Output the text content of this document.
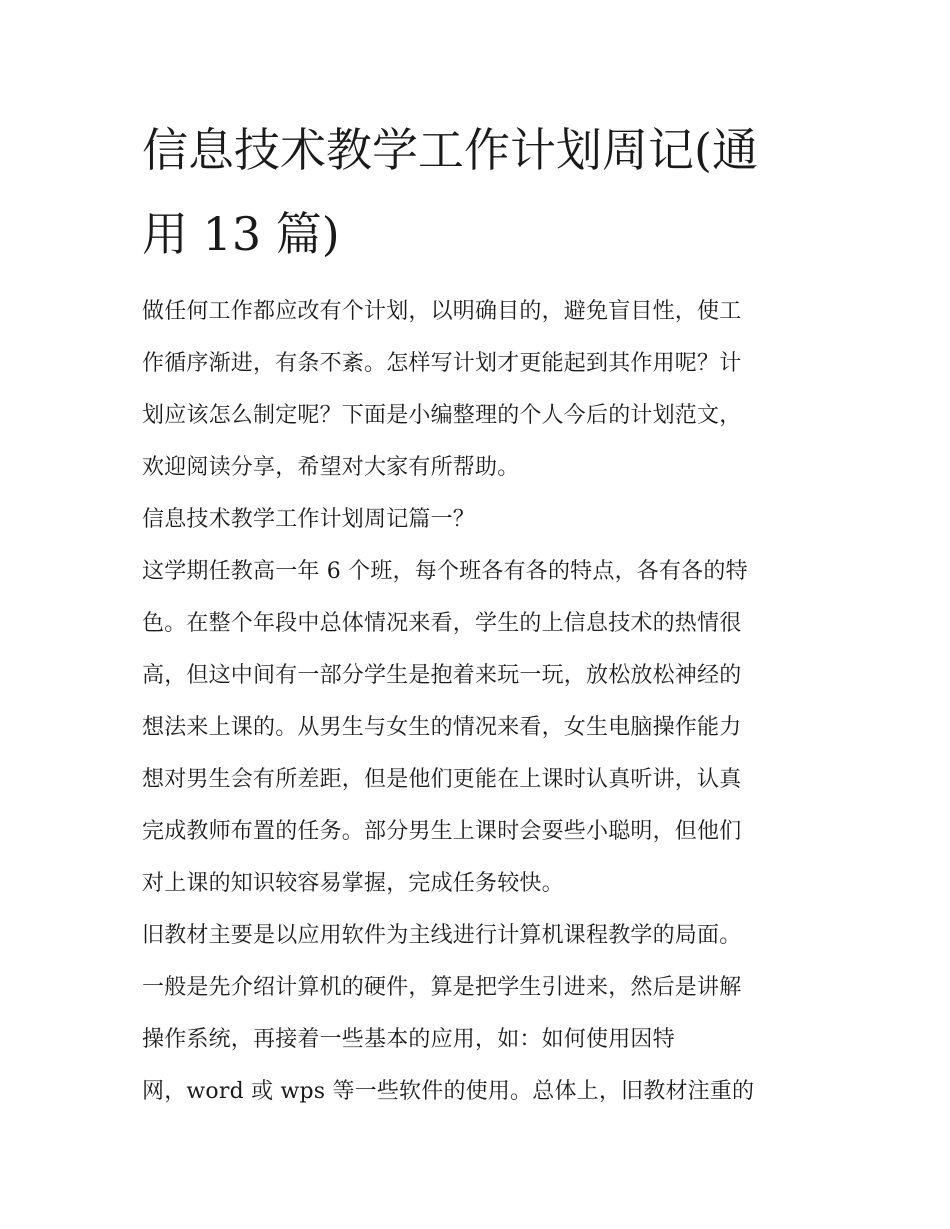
信息技术教学工作计划周记(通
用 13 篇)

做任何工作都应改有个计划，以明确目的，避免盲目性，使工
作循序渐进，有条不紊。怎样写计划才更能起到其作用呢？计
划应该怎么制定呢？下面是小编整理的个人今后的计划范文，
欢迎阅读分享，希望对大家有所帮助。

信息技术教学工作计划周记篇一？

这学期任教高一年 6 个班，每个班各有各的特点，各有各的特
色。在整个年段中总体情况来看，学生的上信息技术的热情很
高，但这中间有一部分学生是抱着来玩一玩，放松放松神经的
想法来上课的。从男生与女生的情况来看，女生电脑操作能力
想对男生会有所差距，但是他们更能在上课时认真听讲，认真
完成教师布置的任务。部分男生上课时会耍些小聪明，但他们
对上课的知识较容易掌握，完成任务较快。

旧教材主要是以应用软件为主线进行计算机课程教学的局面。
一般是先介绍计算机的硬件，算是把学生引进来，然后是讲解
操作系统，再接着一些基本的应用，如：如何使用因特
网，word 或 wps 等一些软件的使用。总体上，旧教材注重的
